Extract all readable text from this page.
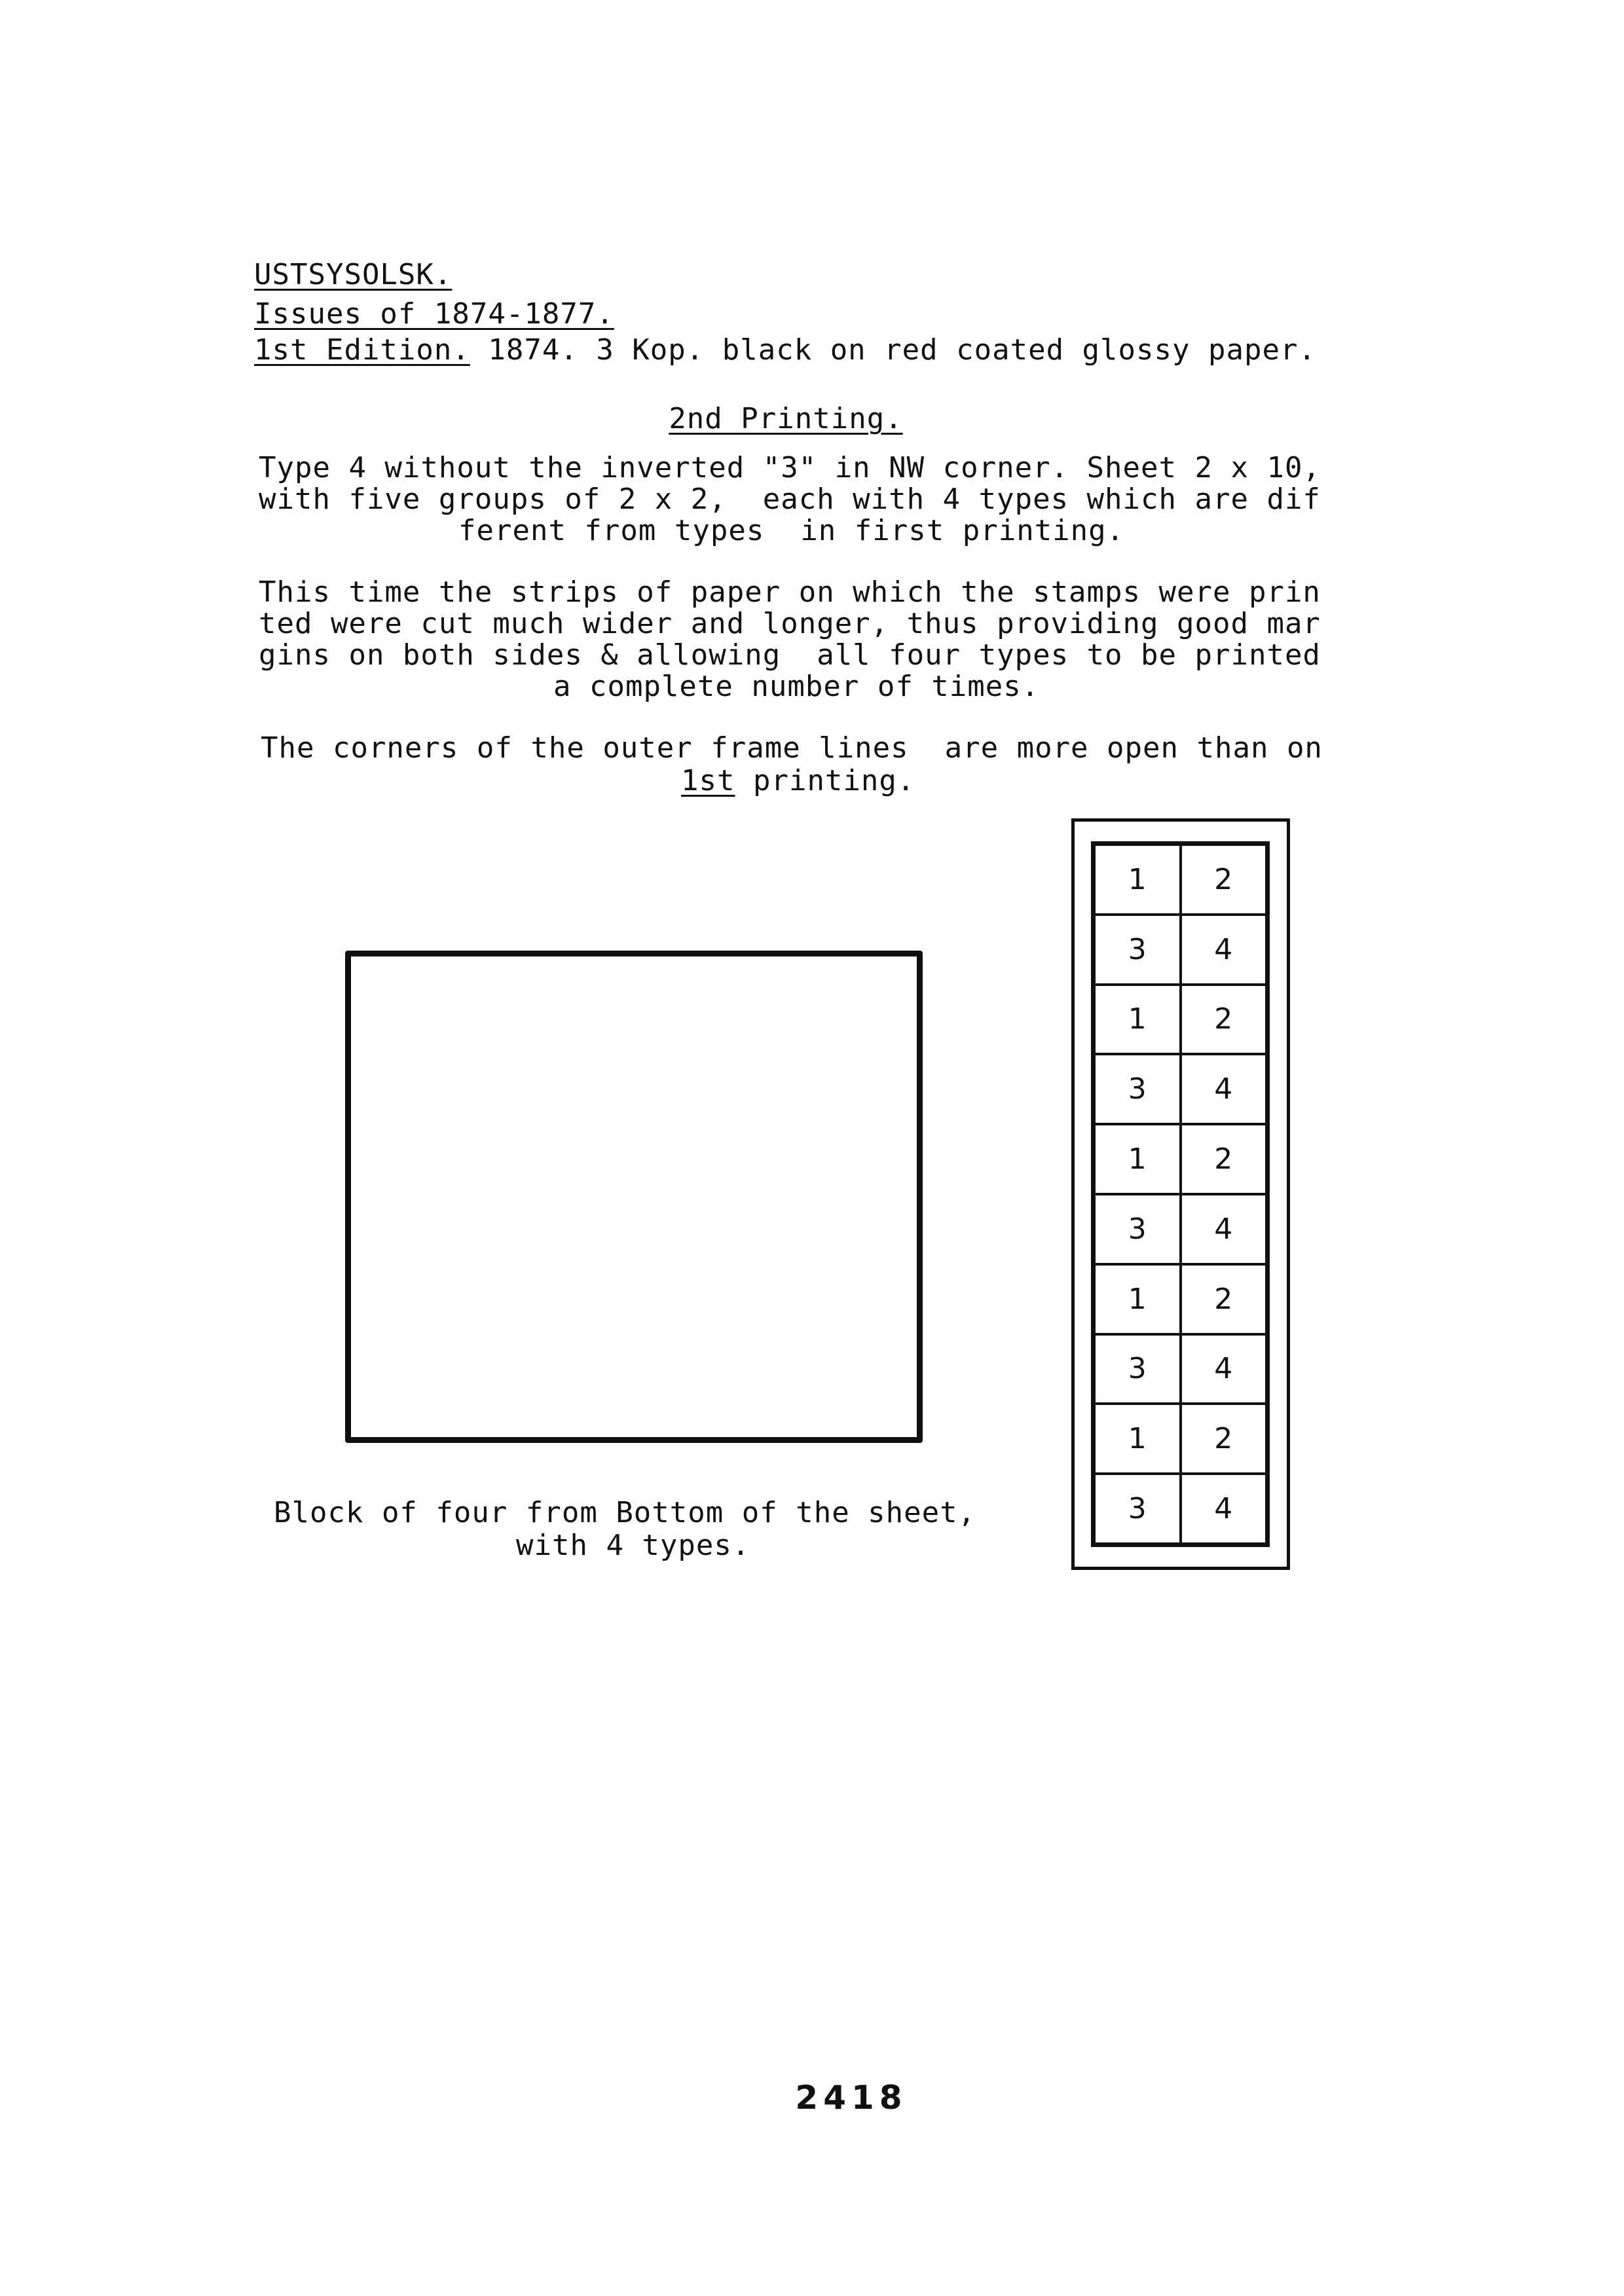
USTSYSOLSK.
Issues of 1874-1877.
1st Edition. 1874. 3 Kop. black on red coated glossy paper.
2nd Printing.
Type 4 without the inverted "3" in NW corner. Sheet 2 x 10,
with five groups of 2 x 2,  each with 4 types which are dif
ferent from types  in first printing.
This time the strips of paper on which the stamps were prin
ted were cut much wider and longer, thus providing good mar
gins on both sides & allowing  all four types to be printed
a complete number of times.
The corners of the outer frame lines  are more open than on
1st printing.
Block of four from Bottom of the sheet,
with 4 types.
1	2
3	4
1	2
3	4
1	2
3	4
1	2
3	4
1	2
3	4
2418
